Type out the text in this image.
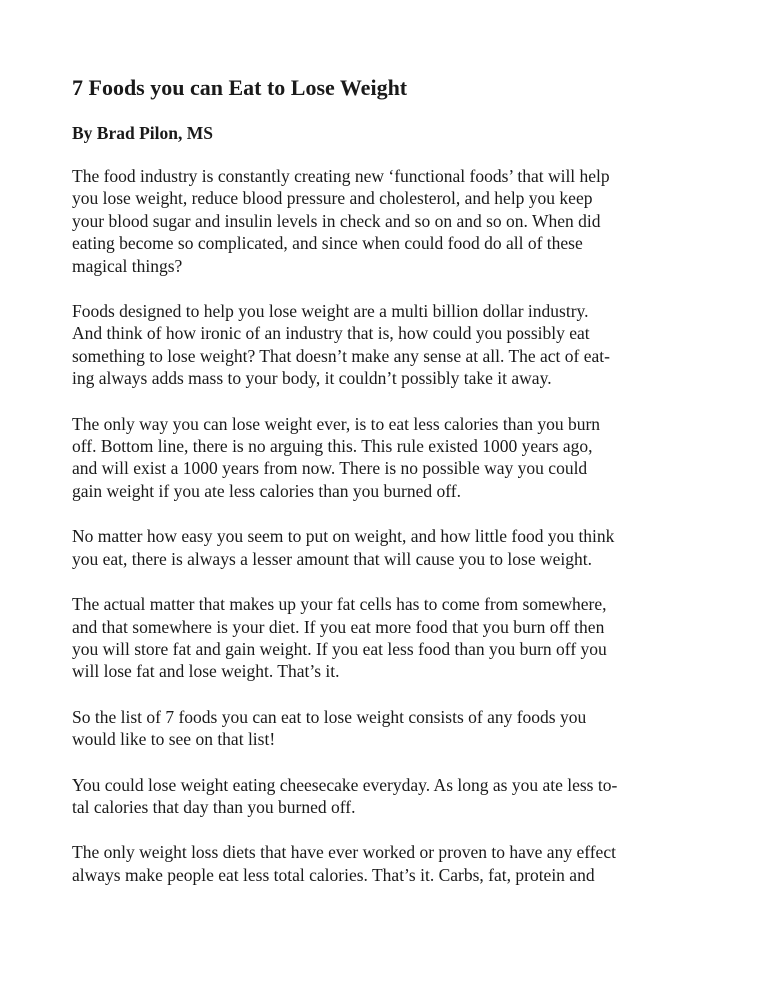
7 Foods you can Eat to Lose Weight
By Brad Pilon, MS
The food industry is constantly creating new ‘functional foods’ that will help
you lose weight, reduce blood pressure and cholesterol, and help you keep
your blood sugar and insulin levels in check and so on and so on. When did
eating become so complicated, and since when could food do all of these
magical things?
Foods designed to help you lose weight are a multi billion dollar industry.
And think of how ironic of an industry that is, how could you possibly eat
something to lose weight? That doesn’t make any sense at all. The act of eat-
ing always adds mass to your body, it couldn’t possibly take it away.
The only way you can lose weight ever, is to eat less calories than you burn
off. Bottom line, there is no arguing this. This rule existed 1000 years ago,
and will exist a 1000 years from now. There is no possible way you could
gain weight if you ate less calories than you burned off.
No matter how easy you seem to put on weight, and how little food you think
you eat, there is always a lesser amount that will cause you to lose weight.
The actual matter that makes up your fat cells has to come from somewhere,
and that somewhere is your diet. If you eat more food that you burn off then
you will store fat and gain weight. If you eat less food than you burn off you
will lose fat and lose weight. That’s it.
So the list of 7 foods you can eat to lose weight consists of any foods you
would like to see on that list!
You could lose weight eating cheesecake everyday. As long as you ate less to-
tal calories that day than you burned off.
The only weight loss diets that have ever worked or proven to have any effect
always make people eat less total calories. That’s it. Carbs, fat, protein and
